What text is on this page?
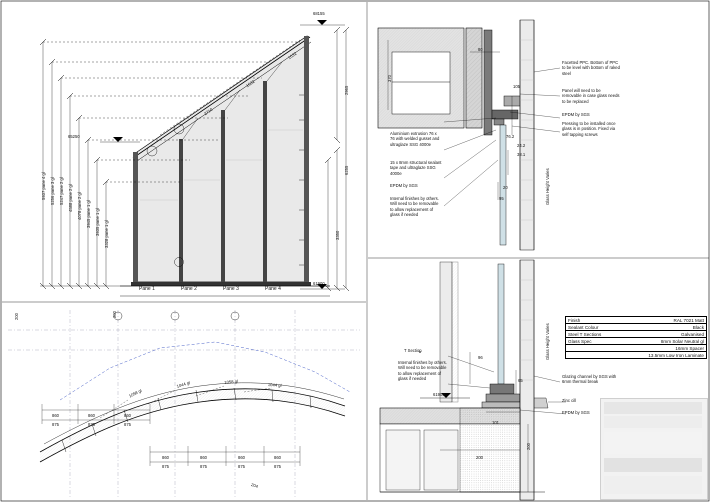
68155
65250
61900
2965
6255
3350
5937 pane 4 gl 5256 pane 3 gl 5247 pane 2 gl 4588 pane 2 gl 4078 pane 2 gl 3945 pane 1 gl 3935 pane 1 gl 3328 pane 1 gl
2710
1632
1632
Pane 1	Pane 2	Pane 3	Pane 4
200
860	860	860
875	875	875
860	860	860	860
875	875	875	875
1058 gl
1044 gl	1058 gl
1044 gl
200
204
370
80
105
76.2
24.2
38.1
20
95	Glass Height Varies
Aluminium extrusion 76 x 76 with welded gusset and ultraglaze SSG 4000e
15 x 8mm structural sealant tape and ultraglaze SSG 4000e
EPDM by SGS
Internal finishes by others. Will need to be removable to allow replacement of glass if needed
Facetted PPC. Bottom of PPC to be level with bottom of raked steel
Panel will need to be removable in case glass needs to be replaced
EPDM by SGS
Pressing to be installed once glass is in position. Fixed via self tapping screws
T Section
Internal finishes by others. Will need to be removable to allow replacement of glass if needed	Glazing channel by SGS with 6mm thermal break
Zinc cill
EPDM by SGS
61900
96
65
101
200
200
Glass Height Varies
Finish	RAL 7021 Matt
Sealant Colour	Black
Steel T Sections	Galvanised
Glass Spec	8mm Solar Neutral gl
16mm Spacer
13.5mm Low Iron Laminate
